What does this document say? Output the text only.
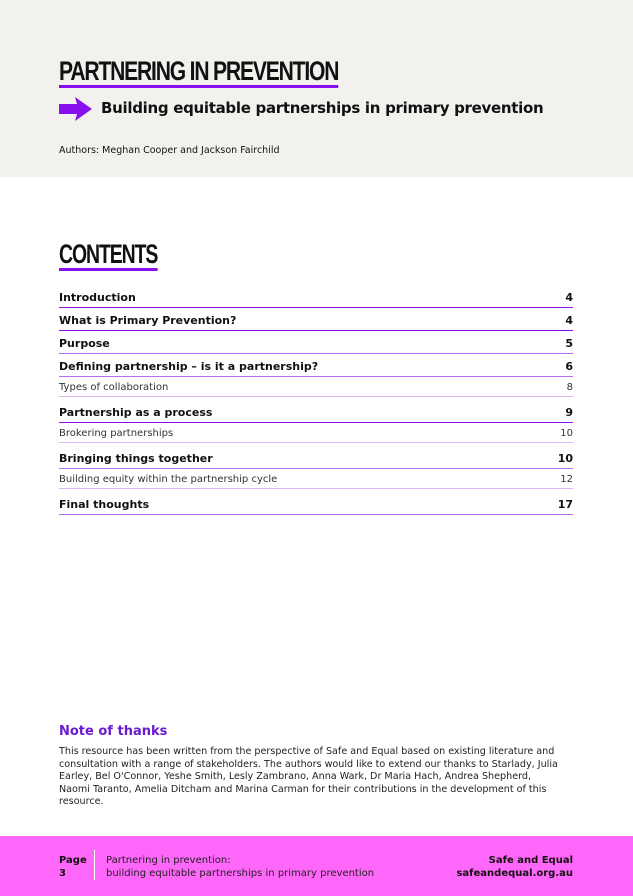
PARTNERING IN PREVENTION
Building equitable partnerships in primary prevention
Authors: Meghan Cooper and Jackson Fairchild
CONTENTS
Introduction	4
What is Primary Prevention?	4
Purpose	5
Defining partnership – is it a partnership?	6
Types of collaboration	8
Partnership as a process	9
Brokering partnerships	10
Bringing things together	10
Building equity within the partnership cycle	12
Final thoughts	17
Note of thanks
This resource has been written from the perspective of Safe and Equal based on existing literature and consultation with a range of stakeholders. The authors would like to extend our thanks to Starlady, Julia Earley, Bel O'Connor, Yeshe Smith, Lesly Zambrano, Anna Wark, Dr Maria Hach, Andrea Shepherd, Naomi Taranto, Amelia Ditcham and Marina Carman for their contributions in the development of this resource.
Page
3
Partnering in prevention:
building equitable partnerships in primary prevention
Safe and Equal
safeandequal.org.au
